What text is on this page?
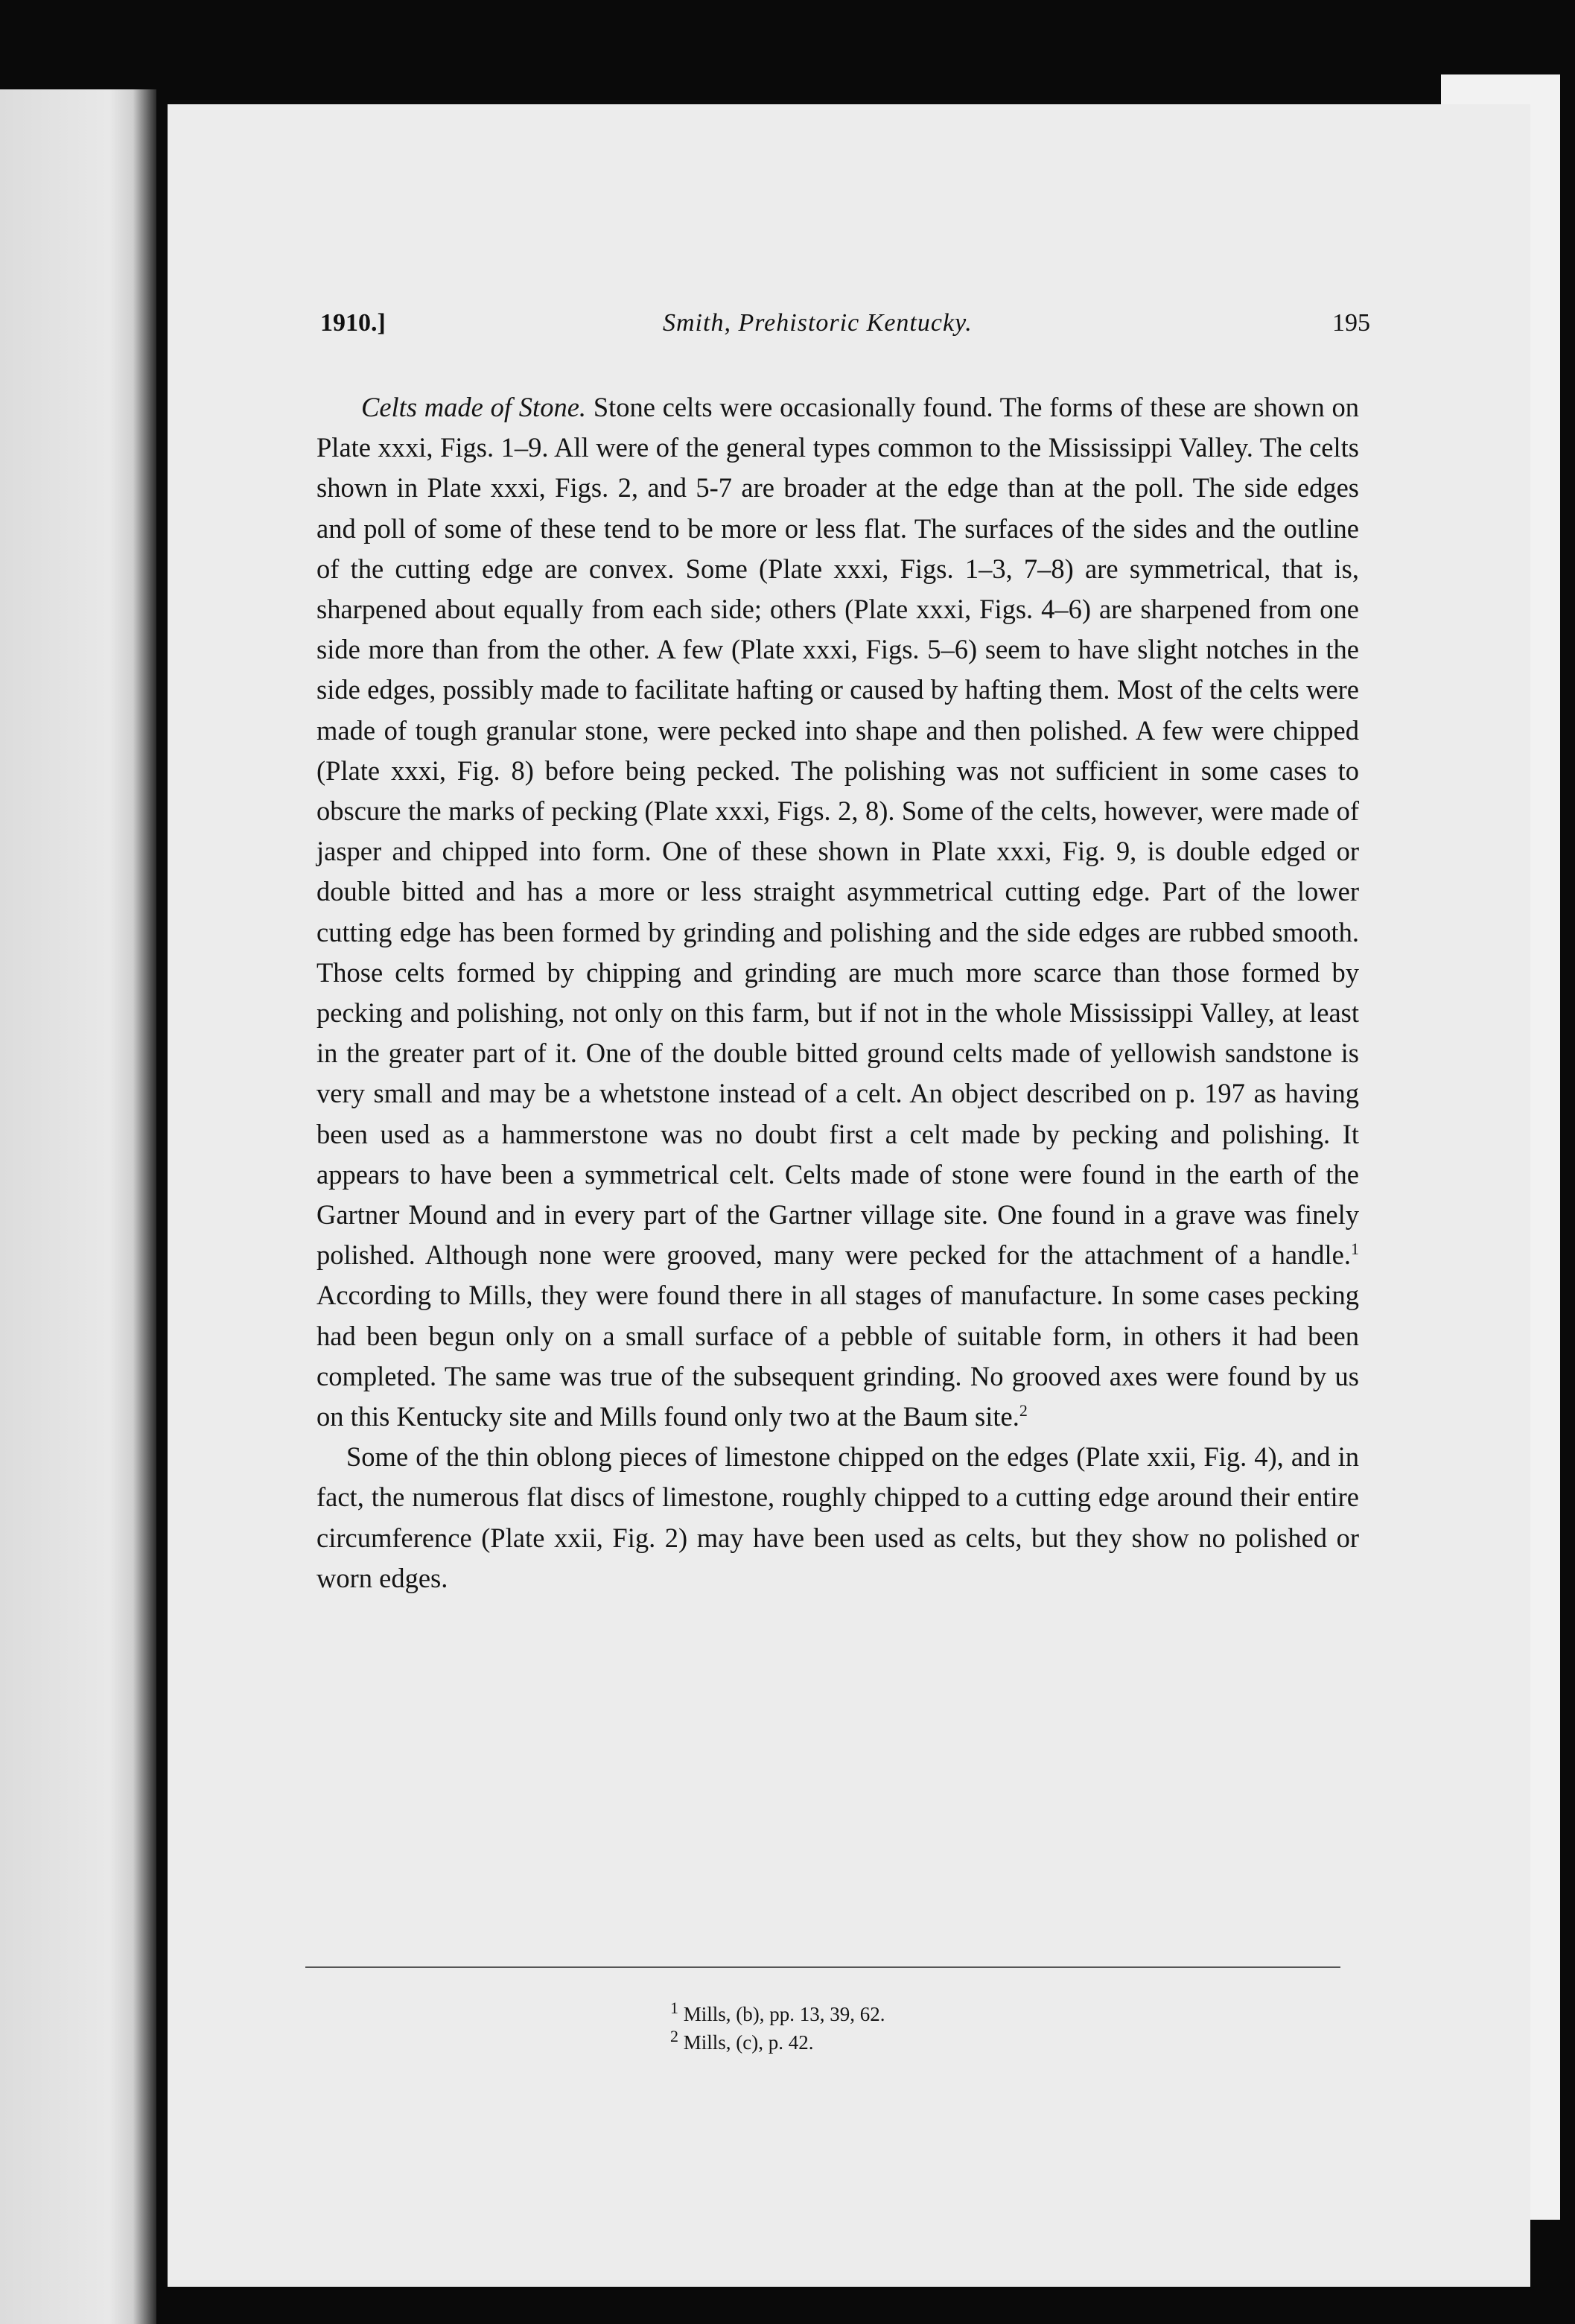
1910.]	Smith, Prehistoric Kentucky.	195

Celts made of Stone. Stone celts were occasionally found. The forms of these are shown on Plate xxxi, Figs. 1–9. All were of the general types common to the Mississippi Valley. The celts shown in Plate xxxi, Figs. 2, and 5-7 are broader at the edge than at the poll. The side edges and poll of some of these tend to be more or less flat. The surfaces of the sides and the outline of the cutting edge are convex. Some (Plate xxxi, Figs. 1–3, 7–8) are symmetrical, that is, sharpened about equally from each side; others (Plate xxxi, Figs. 4–6) are sharpened from one side more than from the other. A few (Plate xxxi, Figs. 5–6) seem to have slight notches in the side edges, possibly made to facilitate hafting or caused by hafting them. Most of the celts were made of tough granular stone, were pecked into shape and then polished. A few were chipped (Plate xxxi, Fig. 8) before being pecked. The polishing was not sufficient in some cases to obscure the marks of pecking (Plate xxxi, Figs. 2, 8). Some of the celts, however, were made of jasper and chipped into form. One of these shown in Plate xxxi, Fig. 9, is double edged or double bitted and has a more or less straight asymmetrical cutting edge. Part of the lower cutting edge has been formed by grinding and polishing and the side edges are rubbed smooth. Those celts formed by chipping and grinding are much more scarce than those formed by pecking and polishing, not only on this farm, but if not in the whole Mississippi Valley, at least in the greater part of it. One of the double bitted ground celts made of yellowish sandstone is very small and may be a whetstone instead of a celt. An object described on p. 197 as having been used as a hammerstone was no doubt first a celt made by pecking and polishing. It appears to have been a symmetrical celt. Celts made of stone were found in the earth of the Gartner Mound and in every part of the Gartner village site. One found in a grave was finely polished. Although none were grooved, many were pecked for the attachment of a handle.$^1$ According to Mills, they were found there in all stages of manufacture. In some cases pecking had been begun only on a small surface of a pebble of suitable form, in others it had been completed. The same was true of the subsequent grinding. No grooved axes were found by us on this Kentucky site and Mills found only two at the Baum site.$^2$

Some of the thin oblong pieces of limestone chipped on the edges (Plate xxii, Fig. 4), and in fact, the numerous flat discs of limestone, roughly chipped to a cutting edge around their entire circumference (Plate xxii, Fig. 2) may have been used as celts, but they show no polished or worn edges.

$^1$ Mills, (b), pp. 13, 39, 62.
$^2$ Mills, (c), p. 42.
